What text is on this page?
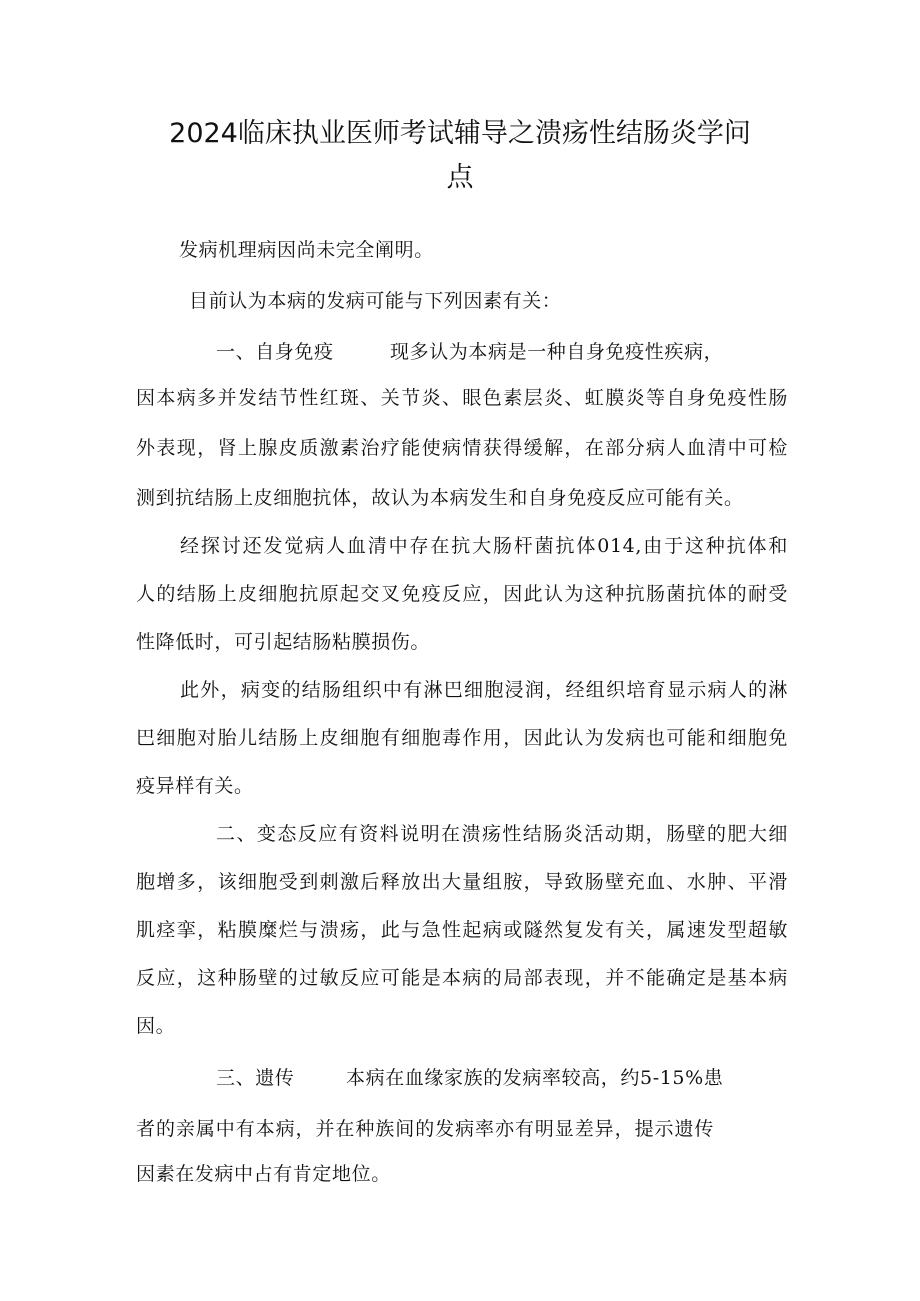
2024临床执业医师考试辅导之溃疡性结肠炎学问
点
发病机理病因尚未完全阐明。
目前认为本病的发病可能与下列因素有关：
一、自身免疫	现多认为本病是一种自身免疫性疾病，
因本病多并发结节性红斑、关节炎、眼色素层炎、虹膜炎等自身免疫性肠
外表现，肾上腺皮质激素治疗能使病情获得缓解，在部分病人血清中可检
测到抗结肠上皮细胞抗体，故认为本病发生和自身免疫反应可能有关。
经探讨还发觉病人血清中存在抗大肠杆菌抗体014,由于这种抗体和
人的结肠上皮细胞抗原起交叉免疫反应，因此认为这种抗肠菌抗体的耐受
性降低时，可引起结肠粘膜损伤。
此外，病变的结肠组织中有淋巴细胞浸润，经组织培育显示病人的淋
巴细胞对胎儿结肠上皮细胞有细胞毒作用，因此认为发病也可能和细胞免
疫异样有关。
二、变态反应有资料说明在溃疡性结肠炎活动期，肠壁的肥大细
胞增多，该细胞受到刺激后释放出大量组胺，导致肠壁充血、水肿、平滑
肌痉挛，粘膜糜烂与溃疡，此与急性起病或隧然复发有关，属速发型超敏
反应，这种肠壁的过敏反应可能是本病的局部表现，并不能确定是基本病
因。
三、遗传	本病在血缘家族的发病率较高，约5-15%患
者的亲属中有本病，并在种族间的发病率亦有明显差异，提示遗传
因素在发病中占有肯定地位。
